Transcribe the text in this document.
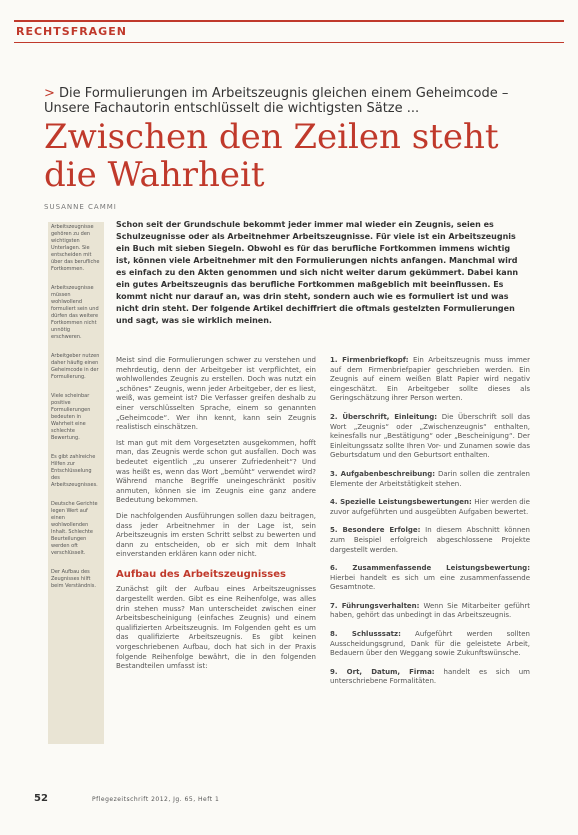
RECHTSFRAGEN
> Die Formulierungen im Arbeitszeugnis gleichen einem Geheimcode – Unsere Fachautorin entschlüsselt die wichtigsten Sätze ...
Zwischen den Zeilen steht die Wahrheit
SUSANNE CAMMI

Arbeitszeugnisse gehören zu den wichtigsten Unterlagen. Sie entscheiden mit über das berufliche Fortkommen.

Arbeitszeugnisse müssen wohlwollend formuliert sein und dürfen das weitere Fortkommen nicht unnötig erschweren.

Arbeitgeber nutzen daher häufig einen Geheimcode in der Formulierung.

Viele scheinbar positive Formulierungen bedeuten in Wahrheit eine schlechte Bewertung.

Es gibt zahlreiche Hilfen zur Entschlüsselung des Arbeitszeugnisses.

Deutsche Gerichte legen Wert auf einen wohlwollenden Inhalt. Schlechte Beurteilungen werden oft verschlüsselt.

Der Aufbau des Zeugnisses hilft beim Verständnis.

Schon seit der Grundschule bekommt jeder immer mal wieder ein Zeugnis, seien es Schulzeugnisse oder als Arbeitnehmer Arbeitszeugnisse. Für viele ist ein Arbeitszeugnis ein Buch mit sieben Siegeln. Obwohl es für das berufliche Fortkommen immens wichtig ist, können viele Arbeitnehmer mit den Formulierungen nichts anfangen. Manchmal wird es einfach zu den Akten genommen und sich nicht weiter darum gekümmert. Dabei kann ein gutes Arbeitszeugnis das berufliche Fortkommen maßgeblich mit beeinflussen. Es kommt nicht nur darauf an, was drin steht, sondern auch wie es formuliert ist und was nicht drin steht. Der folgende Artikel dechiffriert die oftmals gestelzten Formulierungen und sagt, was sie wirklich meinen.

Meist sind die Formulierungen schwer zu verstehen und mehrdeutig, denn der Arbeitgeber ist verpflichtet, ein wohlwollendes Zeugnis zu erstellen. Doch was nutzt ein „schönes“ Zeugnis, wenn jeder Arbeitgeber, der es liest, weiß, was gemeint ist? Die Verfasser greifen deshalb zu einer verschlüsselten Sprache, einem so genannten „Geheimcode“. Wer ihn kennt, kann sein Zeugnis realistisch einschätzen.

Ist man gut mit dem Vorgesetzten ausgekommen, hofft man, das Zeugnis werde schon gut ausfallen. Doch was bedeutet eigentlich „zu unserer Zufriedenheit“? Und was heißt es, wenn das Wort „bemüht“ verwendet wird? Während manche Begriffe uneingeschränkt positiv anmuten, können sie im Zeugnis eine ganz andere Bedeutung bekommen.

Die nachfolgenden Ausführungen sollen dazu beitragen, dass jeder Arbeitnehmer in der Lage ist, sein Arbeitszeugnis im ersten Schritt selbst zu bewerten und dann zu entscheiden, ob er sich mit dem Inhalt einverstanden erklären kann oder nicht.

Aufbau des Arbeitszeugnisses

Zunächst gilt der Aufbau eines Arbeitszeugnisses dargestellt werden. Gibt es eine Reihenfolge, was alles drin stehen muss? Man unterscheidet zwischen einer Arbeitsbescheinigung (einfaches Zeugnis) und einem qualifizierten Arbeitszeugnis. Im Folgenden geht es um das qualifizierte Arbeitszeugnis. Es gibt keinen vorgeschriebenen Aufbau, doch hat sich in der Praxis folgende Reihenfolge bewährt, die in den folgenden Bestandteilen umfasst ist:

1. Firmenbriefkopf: Ein Arbeitszeugnis muss immer auf dem Firmenbriefpapier geschrieben werden. Ein Zeugnis auf einem weißen Blatt Papier wird negativ eingeschätzt. Ein Arbeitgeber sollte dieses als Geringschätzung ihrer Person werten.

2. Überschrift, Einleitung: Die Überschrift soll das Wort „Zeugnis“ oder „Zwischenzeugnis“ enthalten, keinesfalls nur „Bestätigung“ oder „Bescheinigung“. Der Einleitungssatz sollte Ihren Vor- und Zunamen sowie das Geburtsdatum und den Geburtsort enthalten.

3. Aufgabenbeschreibung: Darin sollen die zentralen Elemente der Arbeitstätigkeit stehen.

4. Spezielle Leistungsbewertungen: Hier werden die zuvor aufgeführten und ausgeübten Aufgaben bewertet.

5. Besondere Erfolge: In diesem Abschnitt können zum Beispiel erfolgreich abgeschlossene Projekte dargestellt werden.

6. Zusammenfassende Leistungsbewertung: Hierbei handelt es sich um eine zusammenfassende Gesamtnote.

7. Führungsverhalten: Wenn Sie Mitarbeiter geführt haben, gehört das unbedingt in das Arbeitszeugnis.

8. Schlusssatz: Aufgeführt werden sollten Ausscheidungsgrund, Dank für die geleistete Arbeit, Bedauern über den Weggang sowie Zukunftswünsche.

9. Ort, Datum, Firma: handelt es sich um unterschriebene Formalitäten.

52	Pflegezeitschrift 2012, Jg. 65, Heft 1
